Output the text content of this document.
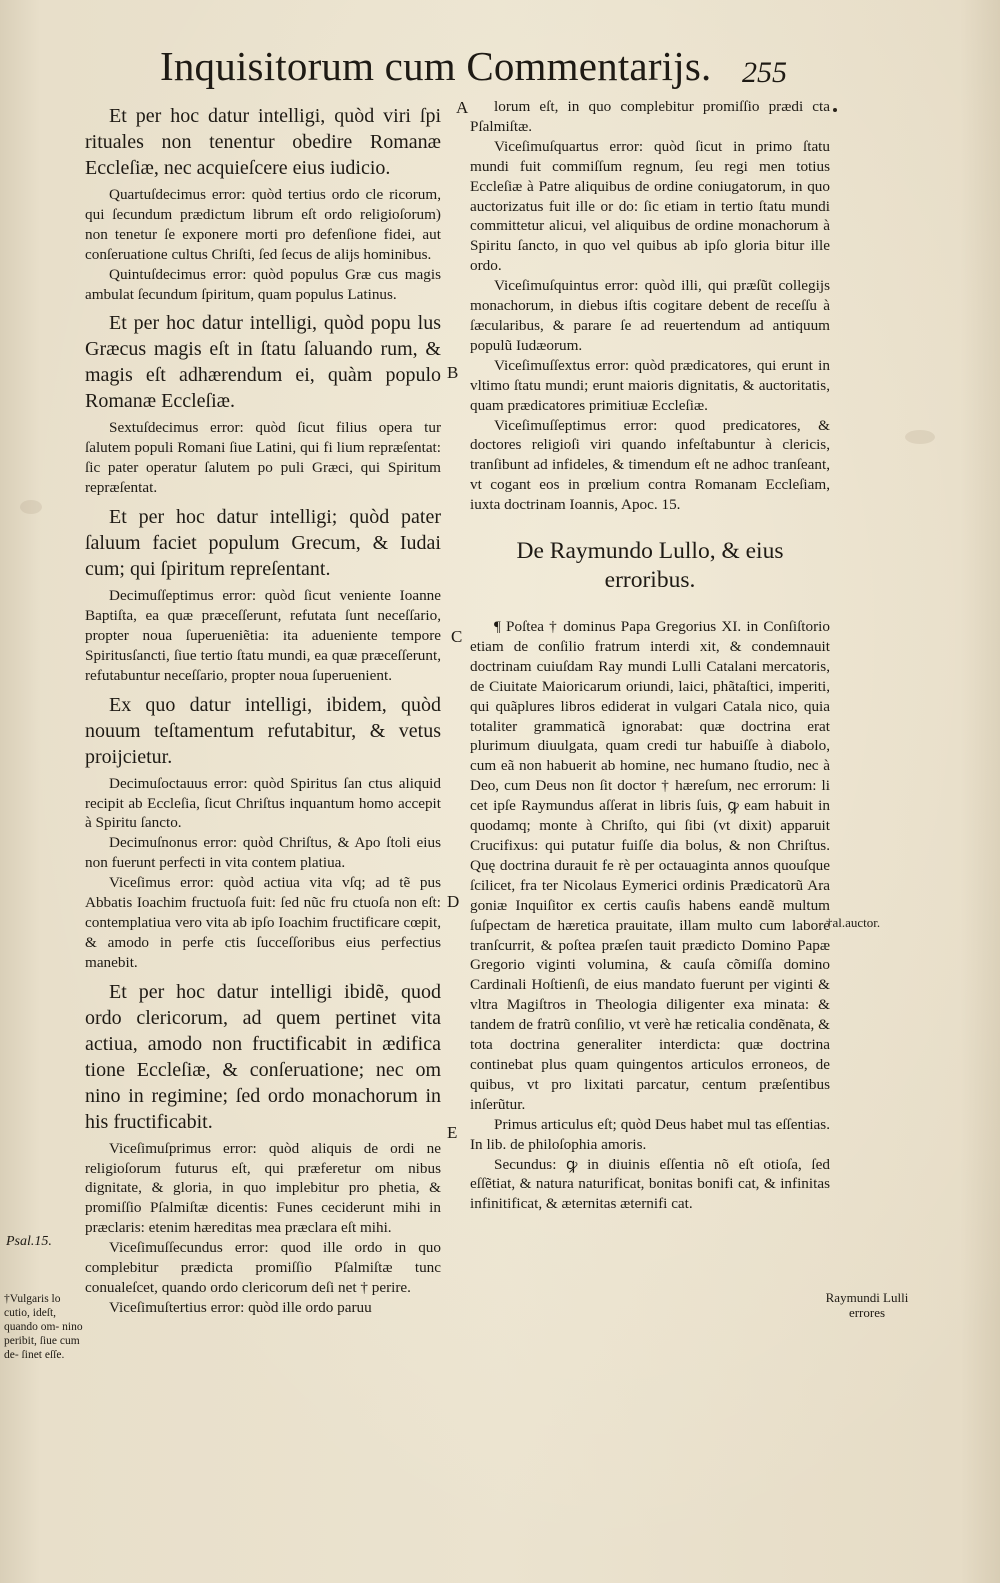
Inquisitorum cum Commentarijs. 255

Et per hoc datur intelligi, quòd viri ſpi rituales non tenentur obedire Romanæ Eccleſiæ, nec acquieſcere eius iudicio.

Quartuſdecimus error: quòd tertius ordo cle ricorum, qui ſecundum prædictum librum eſt ordo religioſorum) non tenetur ſe exponere morti pro defenſione fidei, aut conſeruatione cultus Chriſti, ſed ſecus de alijs hominibus.

Quintuſdecimus error: quòd populus Græ cus magis ambulat ſecundum ſpiritum, quam populus Latinus.

Et per hoc datur intelligi, quòd popu lus Græcus magis eſt in ſtatu ſaluando rum, & magis eſt adhærendum ei, quàm populo Romanæ Eccleſiæ.

Sextuſdecimus error: quòd ſicut filius opera tur ſalutem populi Romani ſiue Latini, qui fi lium repræſentat: ſic pater operatur ſalutem po puli Græci, qui Spiritum repræſentat.

Et per hoc datur intelligi; quòd pater ſaluum faciet populum Grecum, & Iudai cum; qui ſpiritum repreſentant.

Decimuſſeptimus error: quòd ſicut veniente Ioanne Baptiſta, ea quæ præceſſerunt, refutata ſunt neceſſario, propter noua ſuperueniẽtia: ita adueniente tempore Spiritusſancti, ſiue tertio ſtatu mundi, ea quæ præceſſerunt, refutabuntur neceſſario, propter noua ſuperuenient.

Ex quo datur intelligi, ibidem, quòd nouum teſtamentum refutabitur, & vetus proijcietur.

Decimuſoctauus error: quòd Spiritus ſan ctus aliquid recipit ab Eccleſia, ſicut Chriſtus inquantum homo accepit à Spiritu ſancto.

Decimuſnonus error: quòd Chriſtus, & Apo ſtoli eius non fuerunt perfecti in vita contem platiua.

Viceſimus error: quòd actiua vita vſq; ad tẽ pus Abbatis Ioachim fructuoſa fuit: ſed nũc fru ctuoſa non eſt: contemplatiua vero vita ab ipſo Ioachim fructificare cœpit, & amodo in perfe ctis ſucceſſoribus eius perfectius manebit.

Et per hoc datur intelligi ibidẽ, quod ordo clericorum, ad quem pertinet vita actiua, amodo non fructificabit in ædifica tione Eccleſiæ, & conſeruatione; nec om nino in regimine; ſed ordo monachorum in his fructificabit.

Viceſimuſprimus error: quòd aliquis de ordi ne religioſorum futurus eſt, qui præferetur om nibus dignitate, & gloria, in quo implebitur pro phetia, & promiſſio Pſalmiſtæ dicentis: Funes ceciderunt mihi in præclaris: etenim hæreditas mea præclara eſt mihi.

Viceſimuſſecundus error: quod ille ordo in quo complebitur prædicta promiſſio Pſalmiſtæ tunc conualeſcet, quando ordo clericorum deſi net † perire.

Viceſimuſtertius error: quòd ille ordo paruu

lorum eſt, in quo complebitur promiſſio prædi cta Pſalmiſtæ.

Viceſimuſquartus error: quòd ſicut in primo ſtatu mundi fuit commiſſum regnum, ſeu regi men totius Eccleſiæ à Patre aliquibus de ordine coniugatorum, in quo auctorizatus fuit ille or do: ſic etiam in tertio ſtatu mundi committetur alicui, vel aliquibus de ordine monachorum à Spiritu ſancto, in quo vel quibus ab ipſo gloria bitur ille ordo.

Viceſimuſquintus error: quòd illi, qui præſũt collegijs monachorum, in diebus iſtis cogitare debent de receſſu à ſæcularibus, & parare ſe ad reuertendum ad antiquum populũ Iudæorum.

Viceſimuſſextus error: quòd prædicatores, qui erunt in vltimo ſtatu mundi; erunt maioris dignitatis, & auctoritatis, quam prædicatores primitiuæ Eccleſiæ.

Viceſimuſſeptimus error: quod predicatores, & doctores religioſi viri quando infeſtabuntur à clericis, tranſibunt ad infideles, & timendum eſt ne adhoc tranſeant, vt cogant eos in prœlium contra Romanam Eccleſiam, iuxta doctrinam Ioannis, Apoc. 15.

De Raymundo Lullo, & eius erroribus.

¶ Poſtea † dominus Papa Gregorius XI. in Conſiſtorio etiam de conſilio fratrum interdi xit, & condemnauit doctrinam cuiuſdam Ray mundi Lulli Catalani mercatoris, de Ciuitate Maioricarum oriundi, laici, phãtaſtici, imperiti, qui quãplures libros ediderat in vulgari Catala nico, quia totaliter grammaticã ignorabat: quæ doctrina erat plurimum diuulgata, quam credi tur habuiſſe à diabolo, cum eã non habuerit ab homine, nec humano ſtudio, nec à Deo, cum Deus non ſit doctor † hæreſum, nec errorum: li cet ipſe Raymundus aſſerat in libris ſuis, ꝙ eam habuit in quodamq; monte à Chriſto, qui ſibi (vt dixit) apparuit Crucifixus: qui putatur fuiſſe dia bolus, & non Chriſtus. Quę doctrina durauit fe rè per octauaginta annos quouſque ſcilicet, fra ter Nicolaus Eymerici ordinis Prædicatorũ Ara goniæ Inquiſitor ex certis cauſis habens eandẽ multum ſuſpectam de hæretica prauitate, illam multo cum labore tranſcurrit, & poſtea præſen tauit prædicto Domino Papæ Gregorio viginti volumina, & cauſa cõmiſſa domino Cardinali Hoſtienſi, de eius mandato fuerunt per viginti & vltra Magiſtros in Theologia diligenter exa minata: & tandem de fratrũ conſilio, vt verè hæ reticalia condẽnata, & tota doctrina generaliter interdicta: quæ doctrina continebat plus quam quingentos articulos erroneos, de quibus, vt pro lixitati parcatur, centum præſentibus inſerũtur.

Primus articulus eſt; quòd Deus habet mul tas eſſentias. In lib. de philoſophia amoris.

Secundus: ꝙ in diuinis eſſentia nõ eſt otioſa, ſed eſſẽtiat, & natura naturificat, bonitas bonifi cat, & infinitas infinitificat, & æternitas æternifi cat.

A
B
C
D
E
Psal.15.
†Vulgaris lo cutio, ideſt, quando om- nino peribit, ſiue cum de- ſinet eſſe.
†al.auctor.
Raymundi Lulli errores
